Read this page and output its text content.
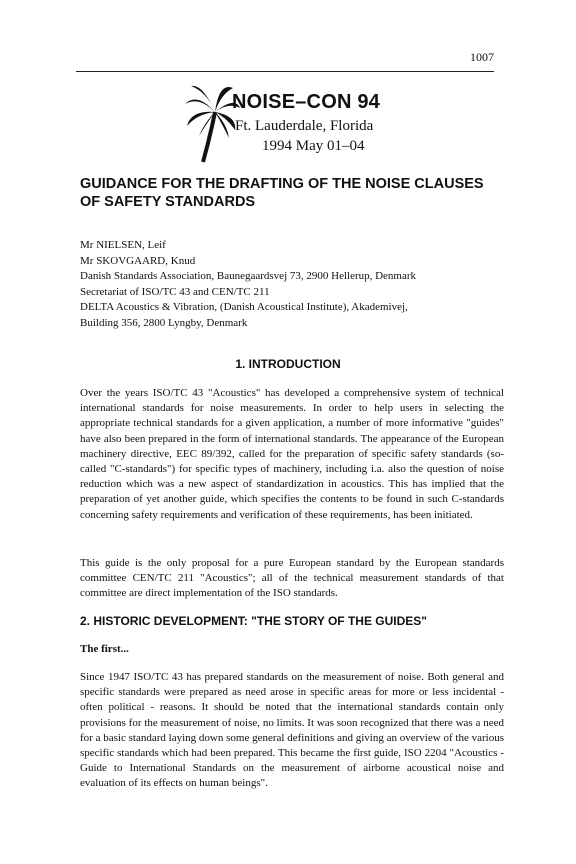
1007
NOISE–CON 94
Ft. Lauderdale, Florida
1994 May 01–04
GUIDANCE FOR THE DRAFTING OF THE NOISE CLAUSES OF SAFETY STANDARDS
Mr NIELSEN, Leif
Mr SKOVGAARD, Knud
Danish Standards Association, Baunegaardsvej 73, 2900 Hellerup, Denmark
Secretariat of ISO/TC 43 and CEN/TC 211
DELTA Acoustics & Vibration, (Danish Acoustical Institute), Akademivej,
Building 356, 2800 Lyngby, Denmark
1. INTRODUCTION
Over the years ISO/TC 43 "Acoustics" has developed a comprehensive system of technical international standards for noise measurements. In order to help users in selecting the appropriate technical standards for a given application, a number of more informative "guides" have also been prepared in the form of international standards. The appearance of the European machinery directive, EEC 89/392, called for the preparation of specific safety standards (so-called "C-standards") for specific types of machinery, including i.a. also the question of noise reduction which was a new aspect of standardization in acoustics. This has implied that the preparation of yet another guide, which specifies the contents to be found in such C-standards concerning safety requirements and verification of these requirements, has been initiated.
This guide is the only proposal for a pure European standard by the European standards committee CEN/TC 211 "Acoustics"; all of the technical measurement standards of that committee are direct implementation of the ISO standards.
2. HISTORIC DEVELOPMENT: "THE STORY OF THE GUIDES"
The first...
Since 1947 ISO/TC 43 has prepared standards on the measurement of noise. Both general and specific standards were prepared as need arose in specific areas for more or less incidental - often political - reasons. It should be noted that the international standards contain only provisions for the measurement of noise, no limits. It was soon recognized that there was a need for a basic standard laying down some general definitions and giving an overview of the various specific standards which had been prepared. This became the first guide, ISO 2204 "Acoustics - Guide to International Standards on the measurement of airborne acoustical noise and evaluation of its effects on human beings".
